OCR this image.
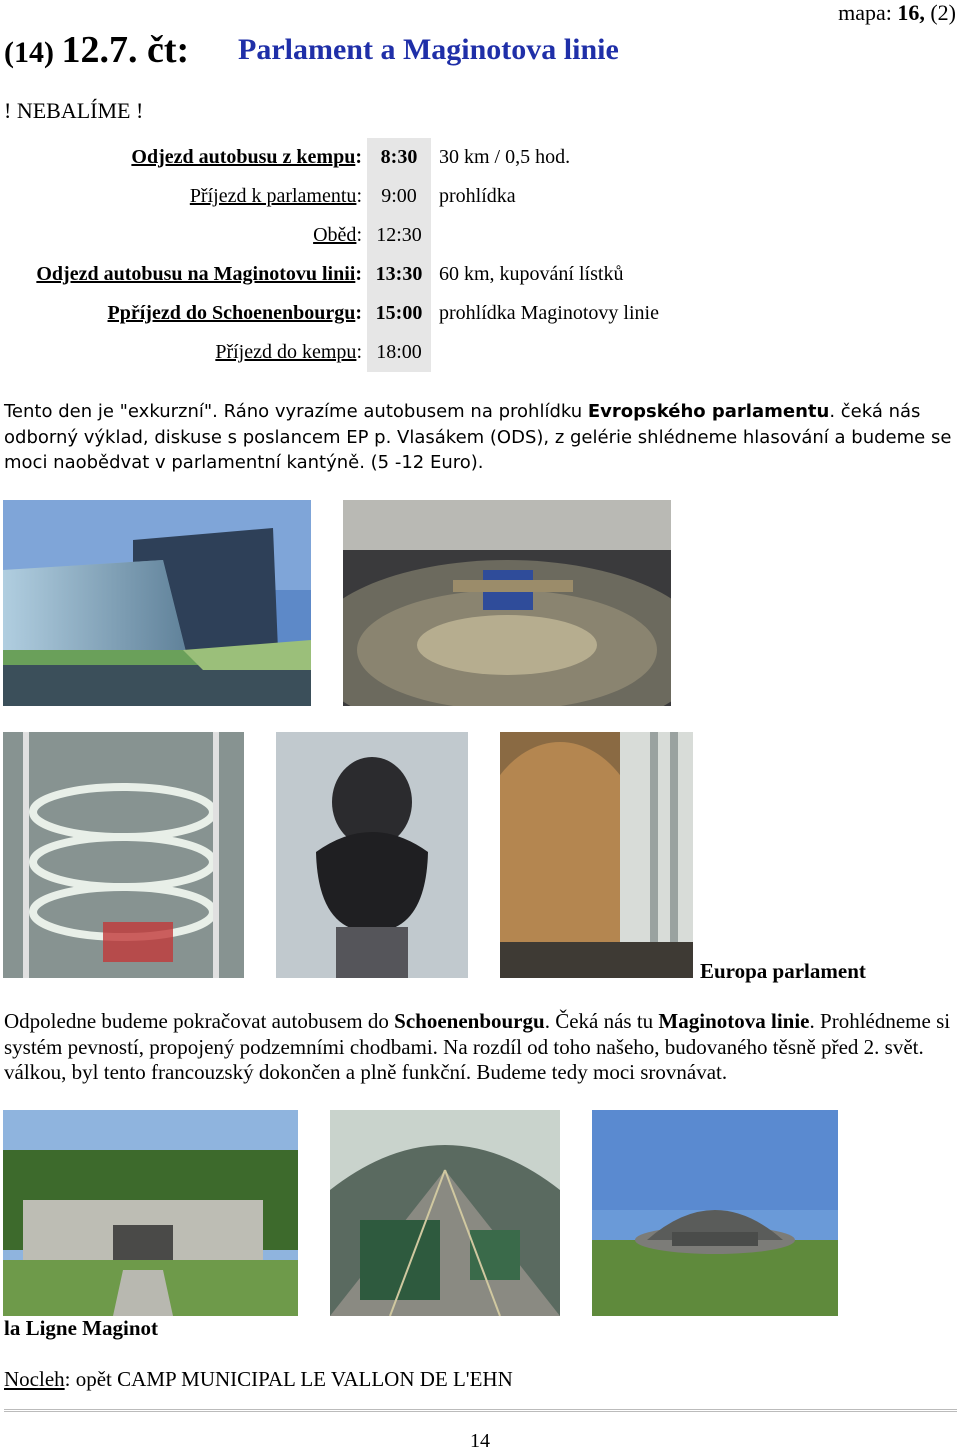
mapa: 16, (2)
(14) 12.7. čt: Parlament a Maginotova linie
! NEBALÍME !
Odjezd autobusu z kempu: 8:30	30 km / 0,5 hod.
Příjezd k parlamentu: 9:00	prohlídka
Oběd: 12:30
Odjezd autobusu na Maginotovu linii: 13:30 60 km, kupování lístků
Ppříjezd do Schoenenbourgu: 15:00 prohlídka Maginotovy linie
Příjezd do kempu: 18:00
Tento den je "exkurzní". Ráno vyrazíme autobusem na prohlídku Evropského parlamentu. čeká nás odborný výklad, diskuse s poslancem EP p. Vlasákem (ODS), z gelérie shlédneme hlasování a budeme se moci naobědvat v parlamentní kantýně. (5 -12 Euro).
Europa parlament
Odpoledne budeme pokračovat autobusem do Schoenenbourgu. Čeká nás tu Maginotova linie. Prohlédneme si systém pevností, propojený podzemními chodbami. Na rozdíl od toho našeho, budovaného těsně před 2. svět. válkou, byl tento francouzský dokončen a plně funkční. Budeme tedy moci srovnávat.
la Ligne Maginot
Nocleh: opět CAMP MUNICIPAL LE VALLON DE L'EHN
14
